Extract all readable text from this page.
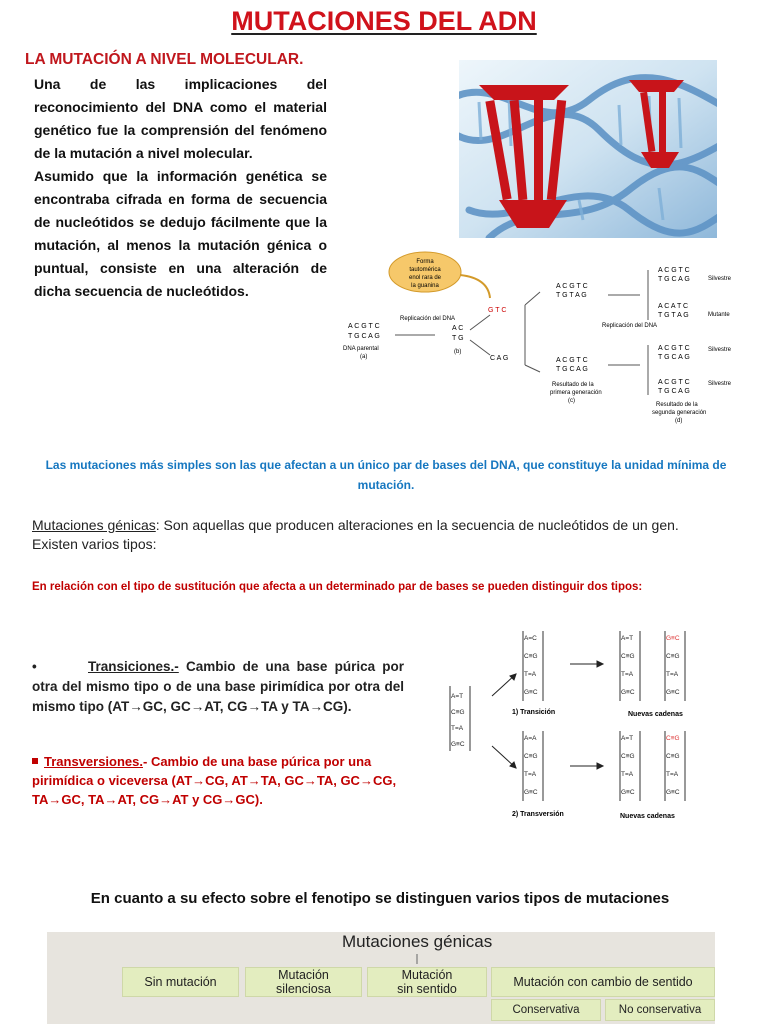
MUTACIONES DEL ADN
LA MUTACIÓN A NIVEL MOLECULAR.

Una de las implicaciones del reconocimiento del DNA como el material genético fue la comprensión del fenómeno de la mutación a nivel molecular.

Asumido que la información genética se encontraba cifrada en forma de secuencia de nucleótidos se dedujo fácilmente que la mutación, al menos la mutación génica o puntual, consiste en una alteración de dicha secuencia de nucleótidos.

Forma
tautomérica
enol rara de
la guanina
A C G T C
T G C A G
DNA parental
(a)
Replicación del DNA
A C
T G
(b)
G T C
C A G
A C G T C
T G T A G
A C G T C
T G C A G
Resultado de la
primera generación
(c)
Replicación del DNA
A C G T C
T G C A G
A C A T C
T G T A G
A C G T C
T G C A G
A C G T C
T G C A G
Silvestre
Mutante
Silvestre
Silvestre
Resultado de la
segunda generación
(d)
Las mutaciones más simples son las que afectan a un único par de bases del DNA, que constituye la unidad mínima de mutación.
Mutaciones génicas: Son aquellas que producen alteraciones en la secuencia de nucleótidos de un gen.
Existen varios tipos:
En relación con el tipo de sustitución que afecta a un determinado par de bases se pueden distinguir dos tipos:
•	Transiciones.- Cambio de una base púrica por otra del mismo tipo o de una base pirimídica por otra del mismo tipo (AT→GC, GC→AT, CG→TA y TA→CG).
Transversiones.- Cambio de una base púrica por una pirimídica o viceversa (AT→CG, AT→TA, GC→TA, GC→CG, TA→GC, TA→AT, CG→AT y CG→GC).
A=T
C≡G
T=A
G≡C
A=C
C≡G
T=A
G≡C
A=T
C≡G
T=A
G≡C
G≡C
C≡G
T=A
G≡C
A=A
C≡G
T=A
G≡C
A=T
C≡G
T=A
G≡C
C≡G
C≡G
T=A
G≡C
1) Transición
2) Transversión
Nuevas cadenas
Nuevas cadenas
En cuanto a su efecto sobre el fenotipo se distinguen varios tipos de mutaciones
Mutaciones génicas
Sin mutación	Mutación
silenciosa
Mutación
sin sentido	Mutación con cambio de sentido
Conservativa	No conservativa
